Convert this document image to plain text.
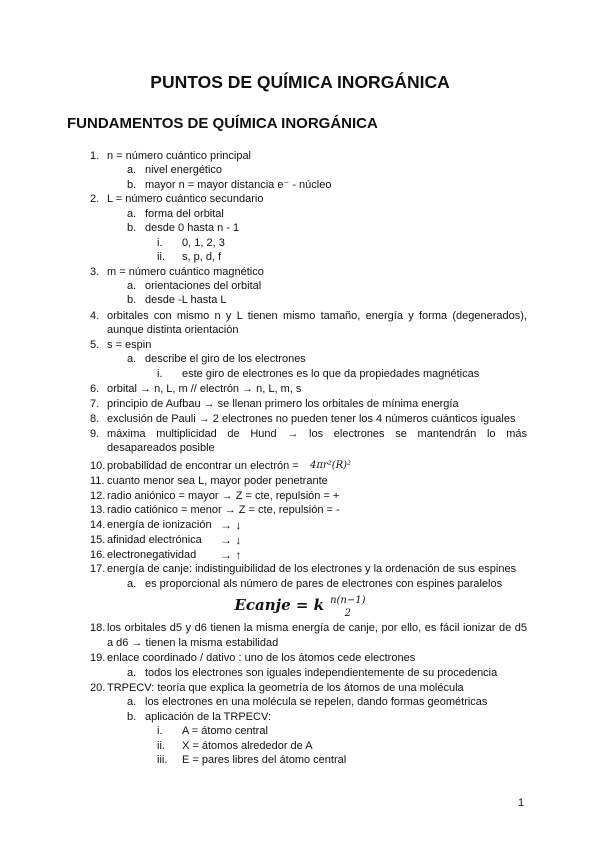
PUNTOS DE QUÍMICA INORGÁNICA
FUNDAMENTOS DE QUÍMICA INORGÁNICA
1. n = número cuántico principal
a. nivel energético
b. mayor n = mayor distancia e⁻ - núcleo
2. L = número cuántico secundario
a. forma del orbital
b. desde 0 hasta n - 1
i. 0, 1, 2, 3
ii. s, p, d, f
3. m = número cuántico magnético
a. orientaciones del orbital
b. desde -L hasta L
4. orbitales con mismo n y L tienen mismo tamaño, energía y forma (degenerados),
aunque distinta orientación
5. s = espin
a. describe el giro de los electrones
i. este giro de electrones es lo que da propiedades magnéticas
6. orbital → n, L, m // electrón → n, L, m, s
7. principio de Aufbau → se llenan primero los orbitales de mínima energía
8. exclusión de Pauli → 2 electrones no pueden tener los 4 números cuánticos iguales
9. máxima multiplicidad de Hund → los electrones se mantendrán lo más
desapareados posible
10. probabilidad de encontrar un electrón = 4πr²(R)²
11. cuanto menor sea L, mayor poder penetrante
12. radio aniónico = mayor → Z = cte, repulsión = +
13. radio catiónico = menor → Z = cte, repulsión = -
14. energía de ionización → ↓
15. afinidad electrónica → ↓
16. electronegatividad → ↑
17. energía de canje: indistinguibilidad de los electrones y la ordenación de sus espines
a. es proporcional als número de pares de electrones con espines paralelos
18. los orbitales d5 y d6 tienen la misma energía de canje, por ello, es fácil ionizar de d5
a d6 → tienen la misma estabilidad
19. enlace coordinado / dativo : uno de los átomos cede electrones
a. todos los electrones son iguales independientemente de su procedencia
20. TRPECV: teoría que explica la geometría de los átomos de una molécula
a. los electrones en una molécula se repelen, dando formas geométricas
b. aplicación de la TRPECV:
i. A = átomo central
ii. X = átomos alrededor de A
iii. E = pares libres del átomo central
Ecanje = k n(n−1)
2
1
